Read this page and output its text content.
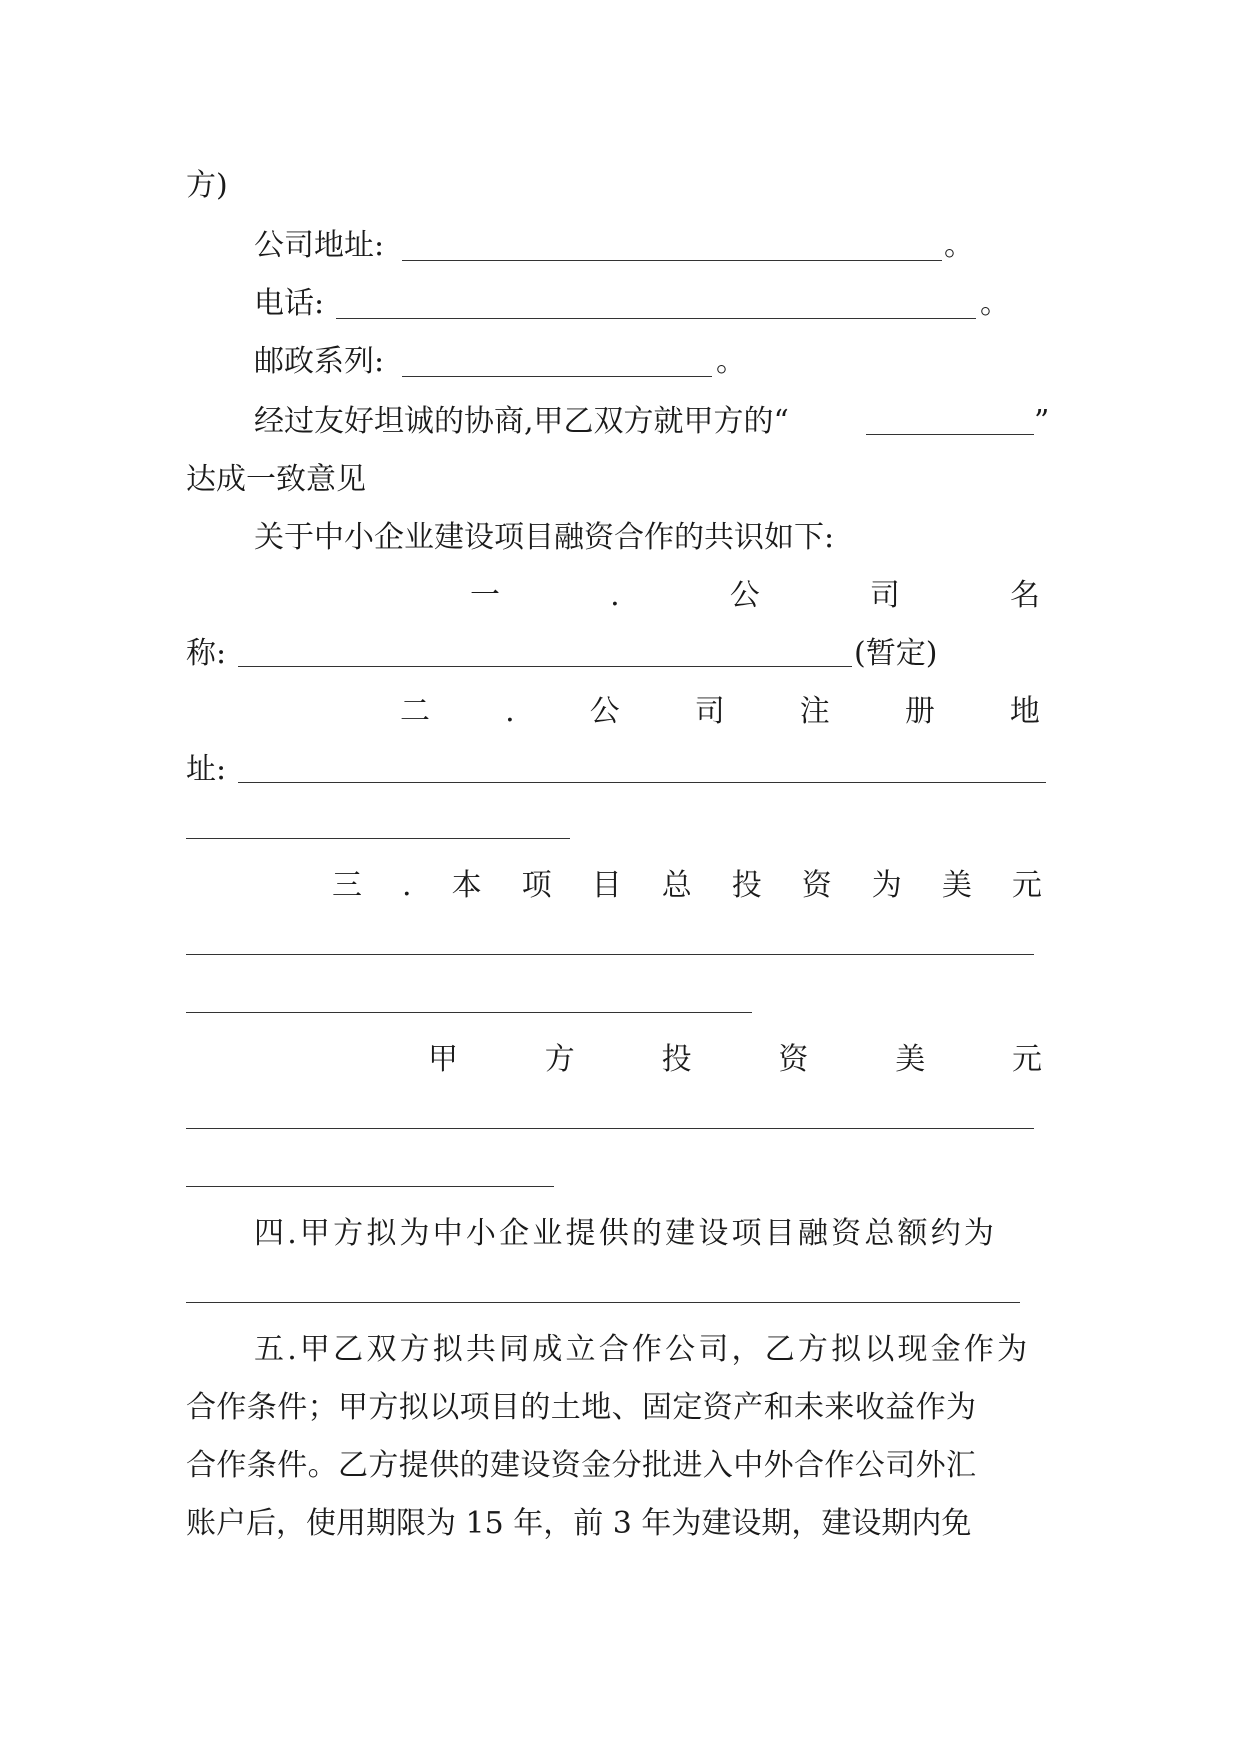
方)
公司地址:	。
电话:	。
邮政系列:	。
经过友好坦诚的协商,甲乙双方就甲方的“	”
达成一致意见
关于中小企业建设项目融资合作的共识如下:
一	.	公	司	名
称:	(暂定)
二	.	公	司	注	册	地
址:
三 . 本 项 目 总 投 资 为 美 元
甲	方	投	资	美	元
四.甲方拟为中小企业提供的建设项目融资总额约为
五.甲乙双方拟共同成立合作公司，乙方拟以现金作为
合作条件；甲方拟以项目的土地、固定资产和未来收益作为
合作条件。乙方提供的建设资金分批进入中外合作公司外汇
账户后，使用期限为 15 年，前 3 年为建设期，建设期内免
